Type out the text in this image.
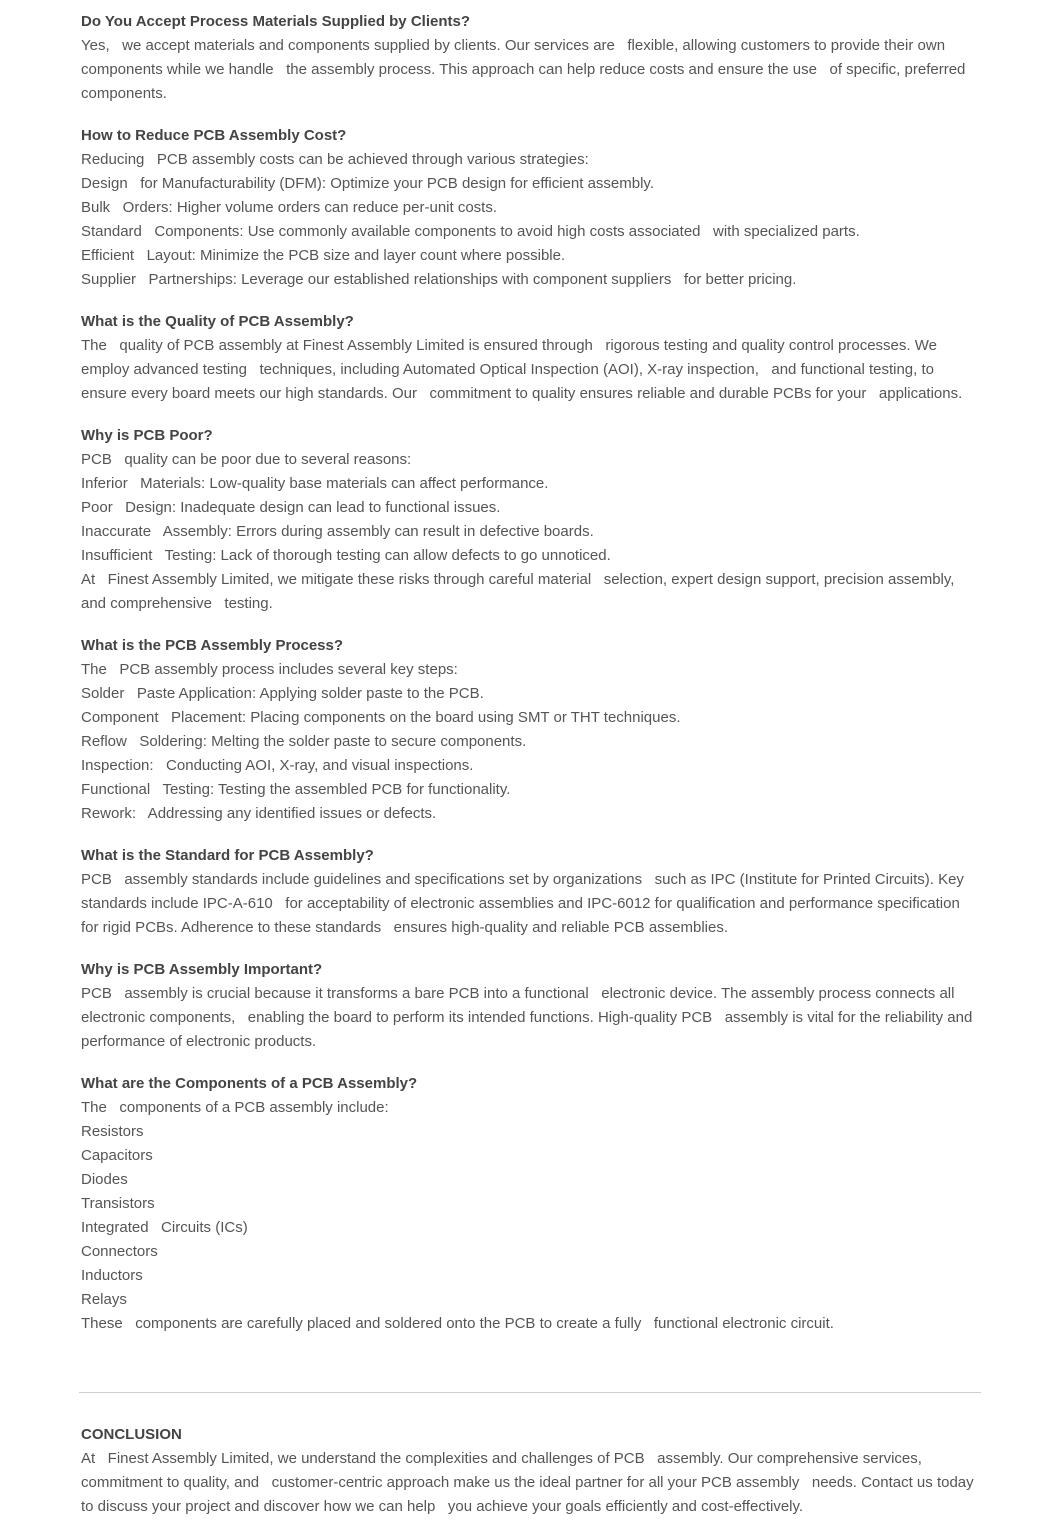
Do You Accept Process Materials Supplied by Clients?

Yes,   we accept materials and components supplied by clients. Our services are   flexible, allowing customers to provide their own components while we handle   the assembly process. This approach can help reduce costs and ensure the use   of specific, preferred components.

How to Reduce PCB Assembly Cost?

Reducing   PCB assembly costs can be achieved through various strategies:

Design   for Manufacturability (DFM): Optimize your PCB design for efficient assembly.

Bulk   Orders: Higher volume orders can reduce per-unit costs.

Standard   Components: Use commonly available components to avoid high costs associated   with specialized parts.

Efficient   Layout: Minimize the PCB size and layer count where possible.

Supplier   Partnerships: Leverage our established relationships with component suppliers   for better pricing.

What is the Quality of PCB Assembly?

The   quality of PCB assembly at Finest Assembly Limited is ensured through   rigorous testing and quality control processes. We employ advanced testing   techniques, including Automated Optical Inspection (AOI), X-ray inspection,   and functional testing, to ensure every board meets our high standards. Our   commitment to quality ensures reliable and durable PCBs for your   applications.

Why is PCB Poor?

PCB   quality can be poor due to several reasons:

Inferior   Materials: Low-quality base materials can affect performance.

Poor   Design: Inadequate design can lead to functional issues.

Inaccurate   Assembly: Errors during assembly can result in defective boards.

Insufficient   Testing: Lack of thorough testing can allow defects to go unnoticed.

At   Finest Assembly Limited, we mitigate these risks through careful material   selection, expert design support, precision assembly, and comprehensive   testing.

What is the PCB Assembly Process?

The   PCB assembly process includes several key steps:

Solder   Paste Application: Applying solder paste to the PCB.

Component   Placement: Placing components on the board using SMT or THT techniques.

Reflow   Soldering: Melting the solder paste to secure components.

Inspection:   Conducting AOI, X-ray, and visual inspections.

Functional   Testing: Testing the assembled PCB for functionality.

Rework:   Addressing any identified issues or defects.

What is the Standard for PCB Assembly?

PCB   assembly standards include guidelines and specifications set by organizations   such as IPC (Institute for Printed Circuits). Key standards include IPC-A-610   for acceptability of electronic assemblies and IPC-6012 for qualification and performance specification for rigid PCBs. Adherence to these standards   ensures high-quality and reliable PCB assemblies.

Why is PCB Assembly Important?

PCB   assembly is crucial because it transforms a bare PCB into a functional   electronic device. The assembly process connects all electronic components,   enabling the board to perform its intended functions. High-quality PCB   assembly is vital for the reliability and performance of electronic products.

What are the Components of a PCB Assembly?

The   components of a PCB assembly include:

Resistors

Capacitors

Diodes

Transistors

Integrated   Circuits (ICs)

Connectors

Inductors

Relays

These   components are carefully placed and soldered onto the PCB to create a fully   functional electronic circuit.

CONCLUSION

At   Finest Assembly Limited, we understand the complexities and challenges of PCB   assembly. Our comprehensive services, commitment to quality, and   customer-centric approach make us the ideal partner for all your PCB assembly   needs. Contact us today to discuss your project and discover how we can help   you achieve your goals efficiently and cost-effectively.
